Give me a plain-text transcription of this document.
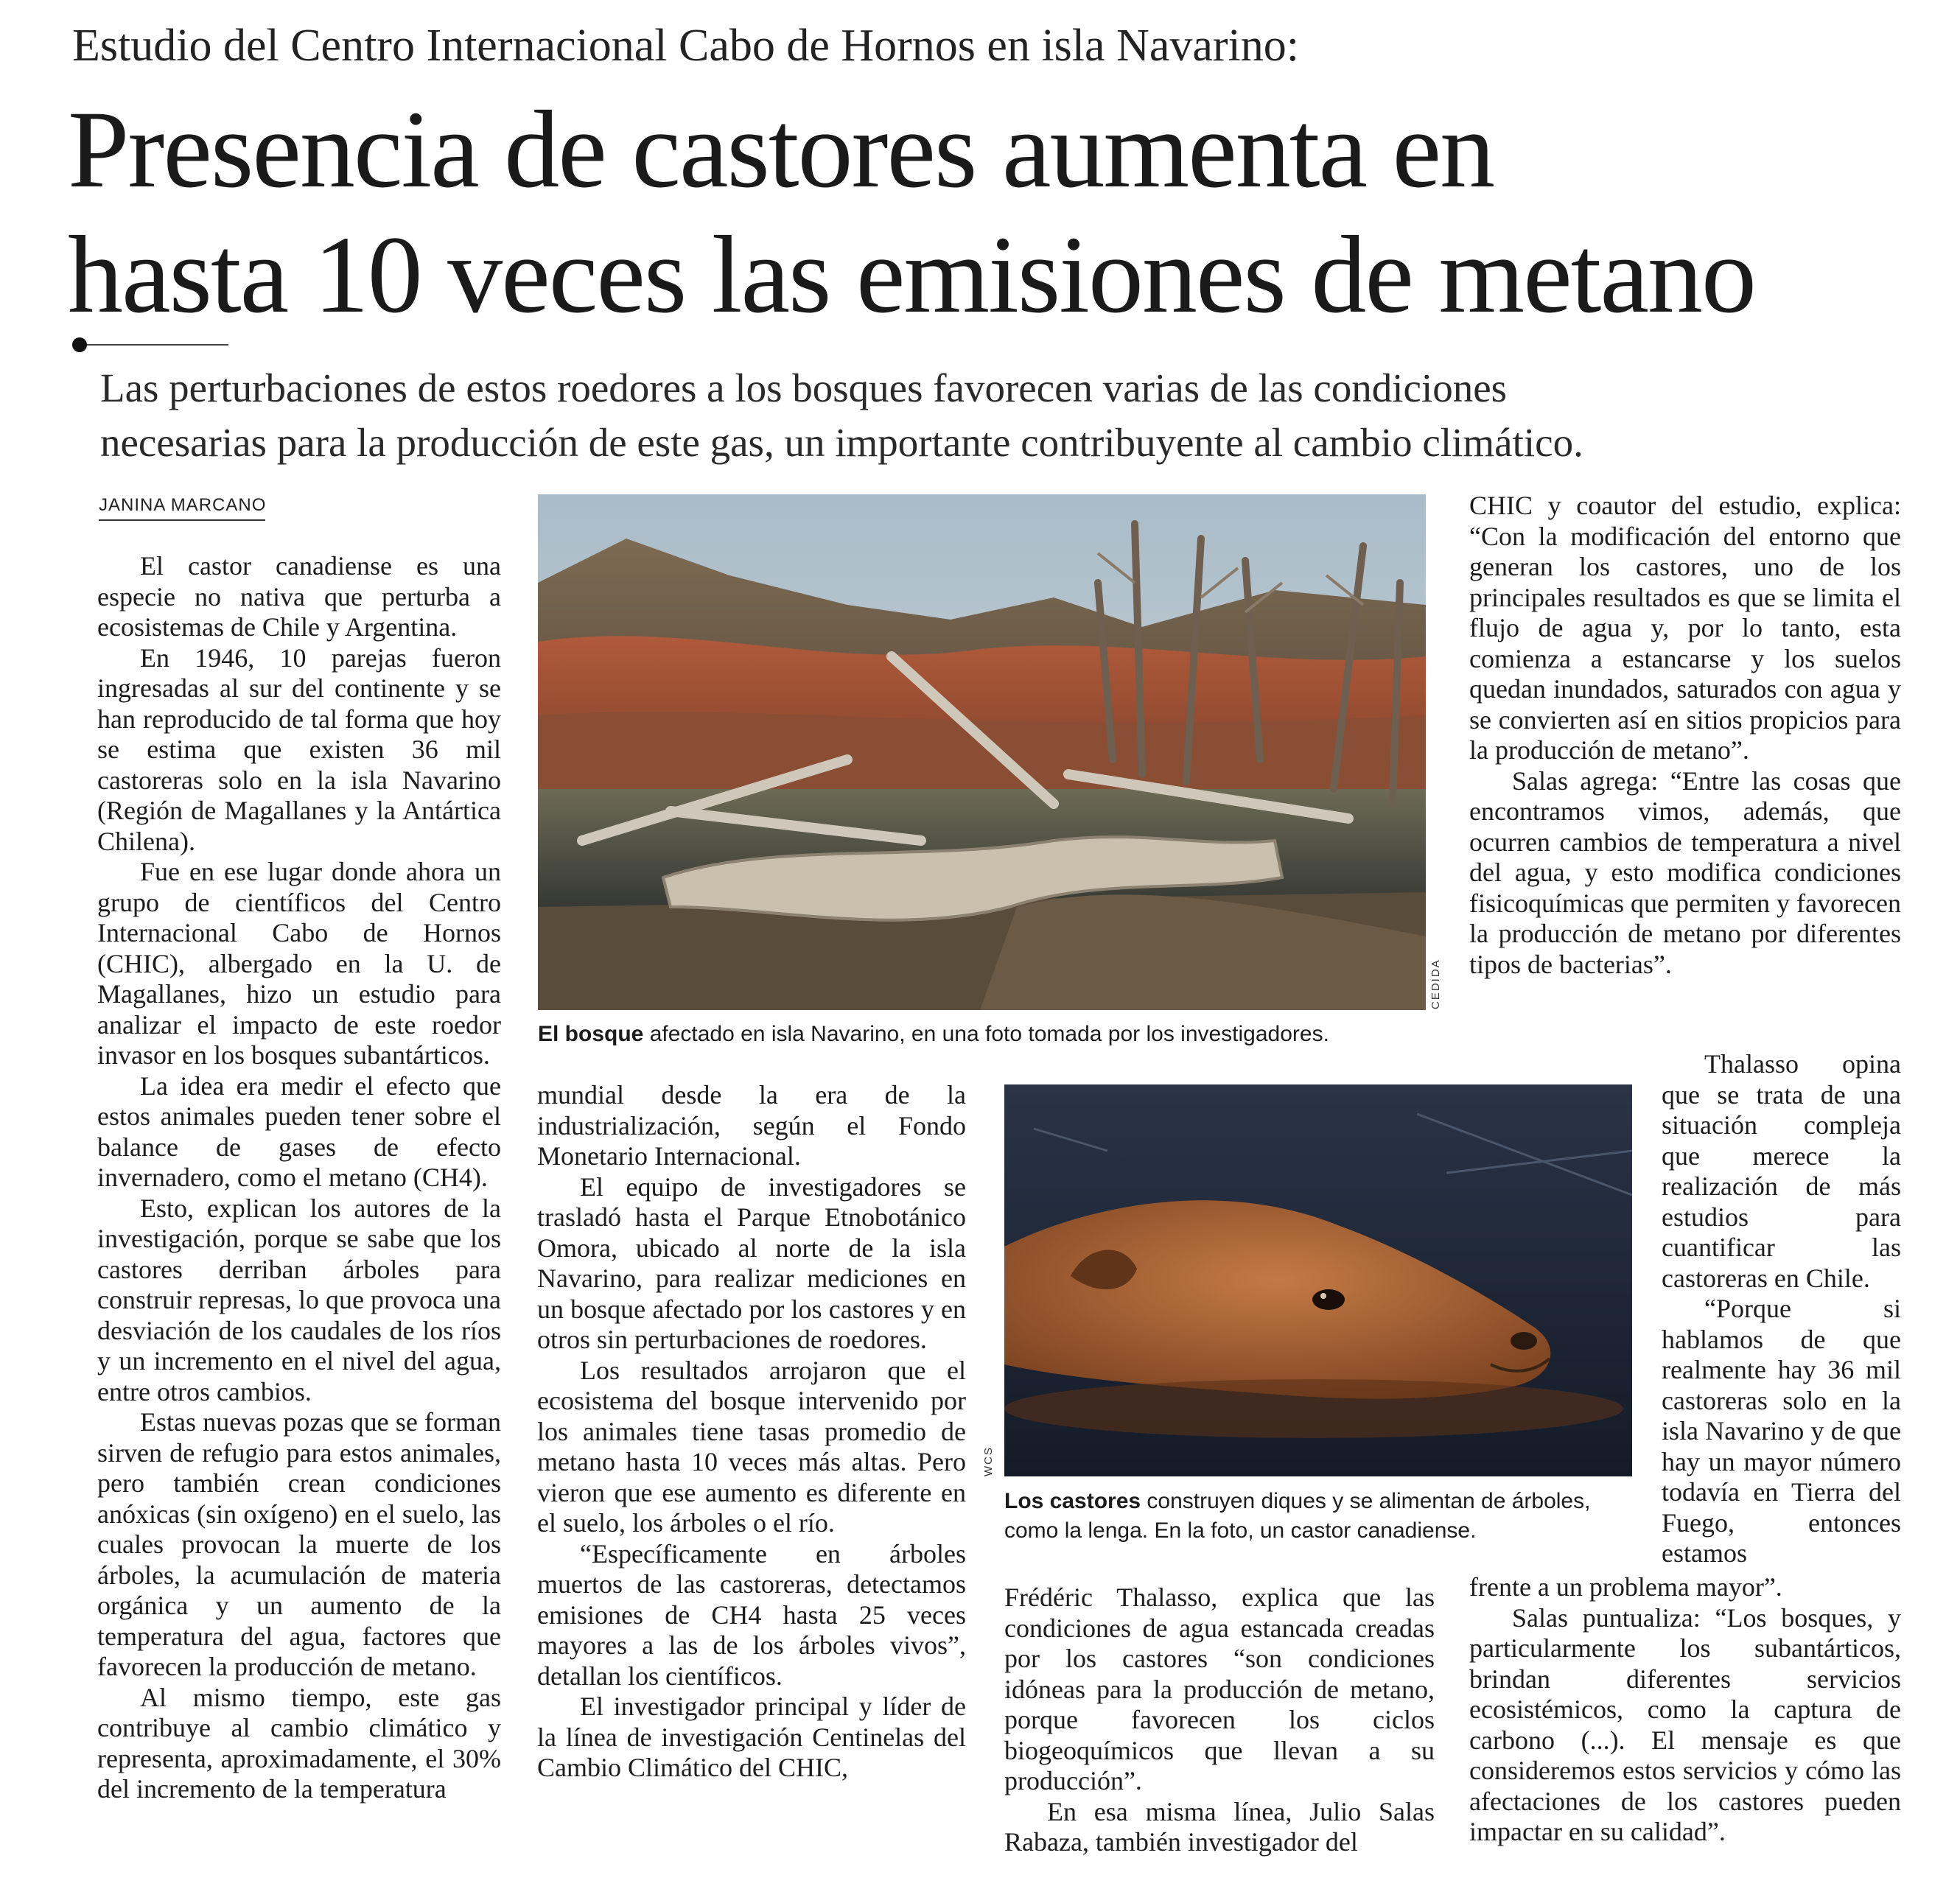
Estudio del Centro Internacional Cabo de Hornos en isla Navarino:
Presencia de castores aumenta en
hasta 10 veces las emisiones de metano
Las perturbaciones de estos roedores a los bosques favorecen varias de las condiciones
necesarias para la producción de este gas, un importante contribuyente al cambio climático.
JANINA MARCANO

El castor canadiense es una especie no nativa que perturba a ecosistemas de Chile y Argentina.

En 1946, 10 parejas fueron ingresadas al sur del continente y se han reproducido de tal forma que hoy se estima que existen 36 mil castoreras solo en la isla Navarino (Región de Magallanes y la Antártica Chilena).

Fue en ese lugar donde ahora un grupo de científicos del Centro Internacional Cabo de Hornos (CHIC), albergado en la U. de Magallanes, hizo un estudio para analizar el impacto de este roedor invasor en los bosques subantárticos.

La idea era medir el efecto que estos animales pueden tener sobre el balance de gases de efecto invernadero, como el metano (CH4).

Esto, explican los autores de la investigación, porque se sabe que los castores derriban árboles para construir represas, lo que provoca una desviación de los caudales de los ríos y un incremento en el nivel del agua, entre otros cambios.

Estas nuevas pozas que se forman sirven de refugio para estos animales, pero también crean condiciones anóxicas (sin oxígeno) en el suelo, las cuales provocan la muerte de los árboles, la acumulación de materia orgánica y un aumento de la temperatura del agua, factores que favorecen la producción de metano.

Al mismo tiempo, este gas contribuye al cambio climático y representa, aproximadamente, el 30% del incremento de la temperatura

CEDIDA
El bosque afectado en isla Navarino, en una foto tomada por los investigadores.

mundial desde la era de la industrialización, según el Fondo Monetario Internacional.

El equipo de investigadores se trasladó hasta el Parque Etnobotánico Omora, ubicado al norte de la isla Navarino, para realizar mediciones en un bosque afectado por los castores y en otros sin perturbaciones de roedores.

Los resultados arrojaron que el ecosistema del bosque intervenido por los animales tiene tasas promedio de metano hasta 10 veces más altas. Pero vieron que ese aumento es diferente en el suelo, los árboles o el río.

“Específicamente en árboles muertos de las castoreras, detectamos emisiones de CH4 hasta 25 veces mayores a las de los árboles vivos”, detallan los científicos.

El investigador principal y líder de la línea de investigación Centinelas del Cambio Climático del CHIC,

WCS
Los castores construyen diques y se alimentan de árboles, como la lenga. En la foto, un castor canadiense.

Frédéric Thalasso, explica que las condiciones de agua estancada creadas por los castores “son condiciones idóneas para la producción de metano, porque favorecen los ciclos biogeoquímicos que llevan a su producción”.

En esa misma línea, Julio Salas Rabaza, también investigador del

CHIC y coautor del estudio, explica: “Con la modificación del entorno que generan los castores, uno de los principales resultados es que se limita el flujo de agua y, por lo tanto, esta comienza a estancarse y los suelos quedan inundados, saturados con agua y se convierten así en sitios propicios para la producción de metano”.

Salas agrega: “Entre las cosas que encontramos vimos, además, que ocurren cambios de temperatura a nivel del agua, y esto modifica condiciones fisicoquímicas que permiten y favorecen la producción de metano por diferentes tipos de bacterias”.

Thalasso opina que se trata de una situación compleja que merece la realización de más estudios para cuantificar las castoreras en Chile.

“Porque si hablamos de que realmente hay 36 mil castoreras solo en la isla Navarino y de que hay un mayor número todavía en Tierra del Fuego, entonces estamos

frente a un problema mayor”.

Salas puntualiza: “Los bosques, y particularmente los subantárticos, brindan diferentes servicios ecosistémicos, como la captura de carbono (...). El mensaje es que consideremos estos servicios y cómo las afectaciones de los castores pueden impactar en su calidad”.
